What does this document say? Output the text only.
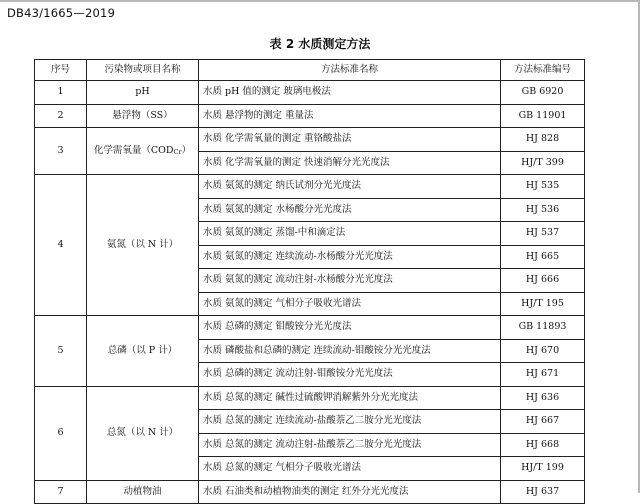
DB43/1665—2019
表 2 水质测定方法
序号	污染物或项目名称	方法标准名称	方法标准编号
1	pH	水质 pH 值的测定 玻璃电极法	GB 6920
2	悬浮物（SS）	水质 悬浮物的测定 重量法	GB 11901
3	化学需氧量$(COD_{Cr})$	水质 化学需氧量的测定 重铬酸盐法	HJ 828
		水质 化学需氧量的测定 快速消解分光光度法	HJ/T 399
4	氨氮（以 N 计）	水质 氨氮的测定 纳氏试剂分光光度法	HJ 535
		水质 氨氮的测定 水杨酸分光光度法	HJ 536
		水质 氨氮的测定 蒸馏-中和滴定法	HJ 537
		水质 氨氮的测定 连续流动-水杨酸分光光度法	HJ 665
		水质 氨氮的测定 流动注射-水杨酸分光光度法	HJ 666
		水质 氨氮的测定 气相分子吸收光谱法	HJ/T 195
5	总磷（以 P 计）	水质 总磷的测定 钼酸铵分光光度法	GB 11893
		水质 磷酸盐和总磷的测定 连续流动-钼酸铵分光光度法	HJ 670
		水质 总磷的测定 流动注射-钼酸铵分光光度法	HJ 671
6	总氮（以 N 计）	水质 总氮的测定 碱性过硫酸钾消解紫外分光光度法	HJ 636
		水质 总氮的测定 连续流动-盐酸萘乙二胺分光光度法	HJ 667
		水质 总氮的测定 流动注射-盐酸萘乙二胺分光光度法	HJ 668
		水质 总氮的测定 气相分子吸收光谱法	HJ/T 199
7	动植物油	水质 石油类和动植物油类的测定 红外分光光度法	HJ 637
